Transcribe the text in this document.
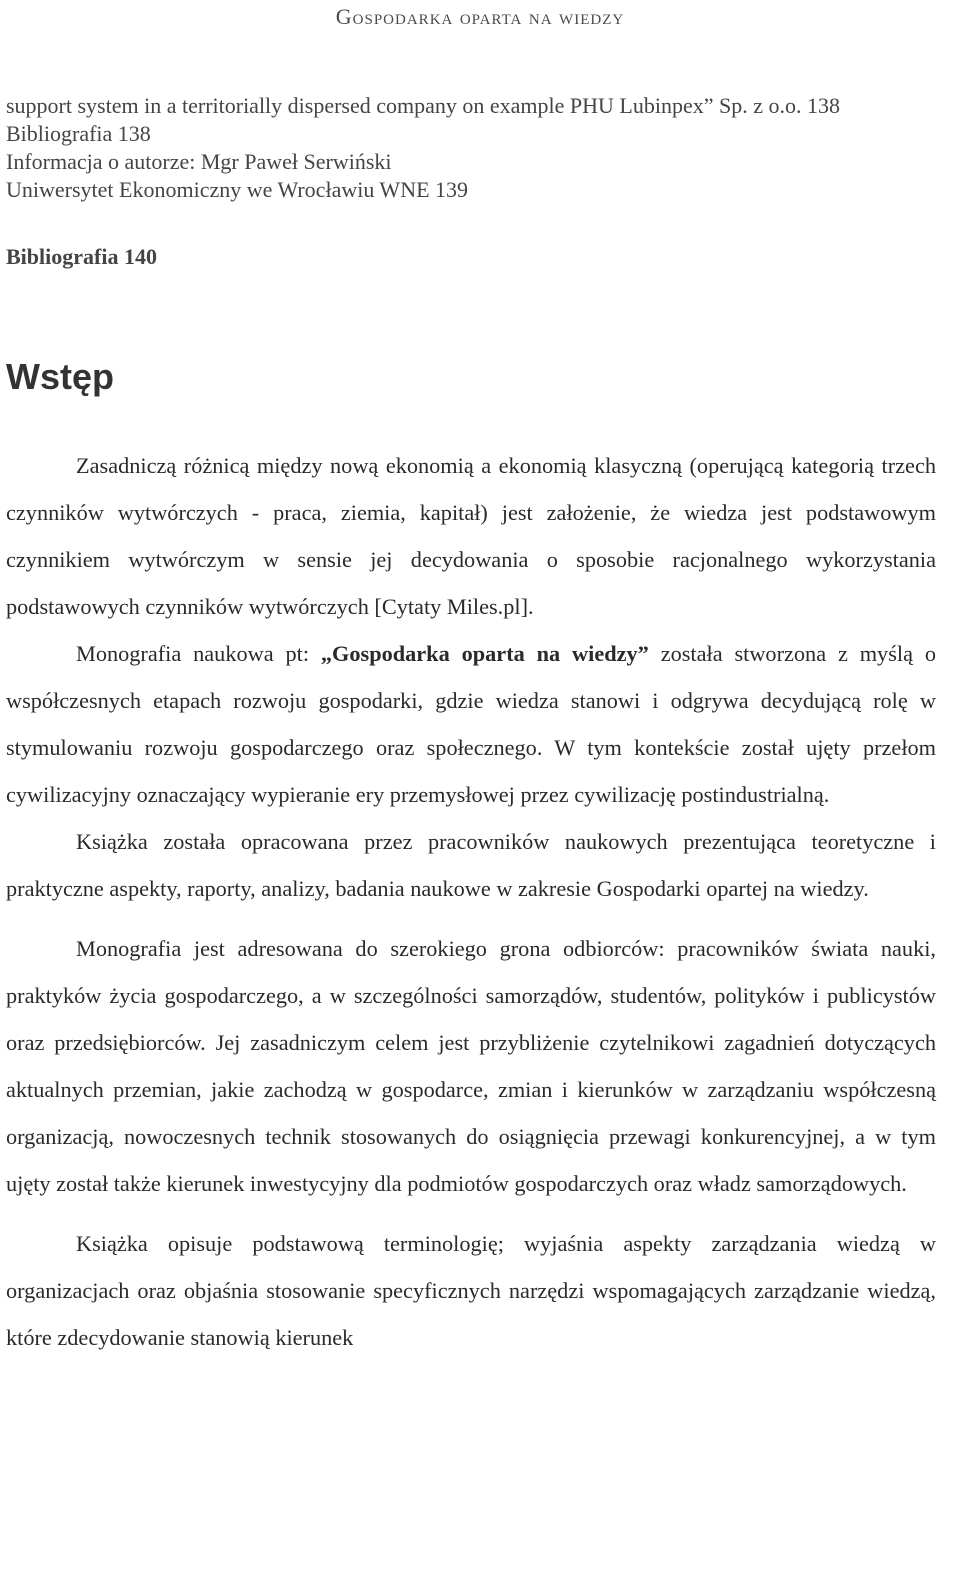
Gospodarka oparta na wiedzy
support system in a territorially dispersed company on example PHU Lubinpex” Sp. z o.o. 138
Bibliografia 138
Informacja o autorze: Mgr Paweł Serwiński
Uniwersytet Ekonomiczny we Wrocławiu WNE 139
Bibliografia 140
Wstęp

Zasadniczą różnicą między nową ekonomią a ekonomią klasyczną (operującą kategorią trzech czynników wytwórczych - praca, ziemia, kapitał) jest założenie, że wiedza jest podstawowym czynnikiem wytwórczym w sensie jej decydowania o sposobie racjonalnego wykorzystania podstawowych czynników wytwórczych [Cytaty Miles.pl].

Monografia naukowa pt: „Gospodarka oparta na wiedzy” została stworzona z myślą o współczesnych etapach rozwoju gospodarki, gdzie wiedza stanowi i odgrywa decydującą rolę w stymulowaniu rozwoju gospodarczego oraz społecznego. W tym kontekście został ujęty przełom cywilizacyjny oznaczający wypieranie ery przemysłowej przez cywilizację postindustrialną.

Książka została opracowana przez pracowników naukowych prezentująca teoretyczne i praktyczne aspekty, raporty, analizy, badania naukowe w zakresie Gospodarki opartej na wiedzy.

Monografia jest adresowana do szerokiego grona odbiorców: pracowników świata nauki, praktyków życia gospodarczego, a w szczególności samorządów, studentów, polityków i publicystów oraz przedsiębiorców. Jej zasadniczym celem jest przybliżenie czytelnikowi zagadnień dotyczących aktualnych przemian, jakie zachodzą w gospodarce, zmian i kierunków w zarządzaniu współczesną organizacją, nowoczesnych technik stosowanych do osiągnięcia przewagi konkurencyjnej, a w tym ujęty został także kierunek inwestycyjny dla podmiotów gospodarczych oraz władz samorządowych.

Książka opisuje podstawową terminologię; wyjaśnia aspekty zarządzania wiedzą w organizacjach oraz objaśnia stosowanie specyficznych narzędzi wspomagających zarządzanie wiedzą, które zdecydowanie stanowią kierunek
